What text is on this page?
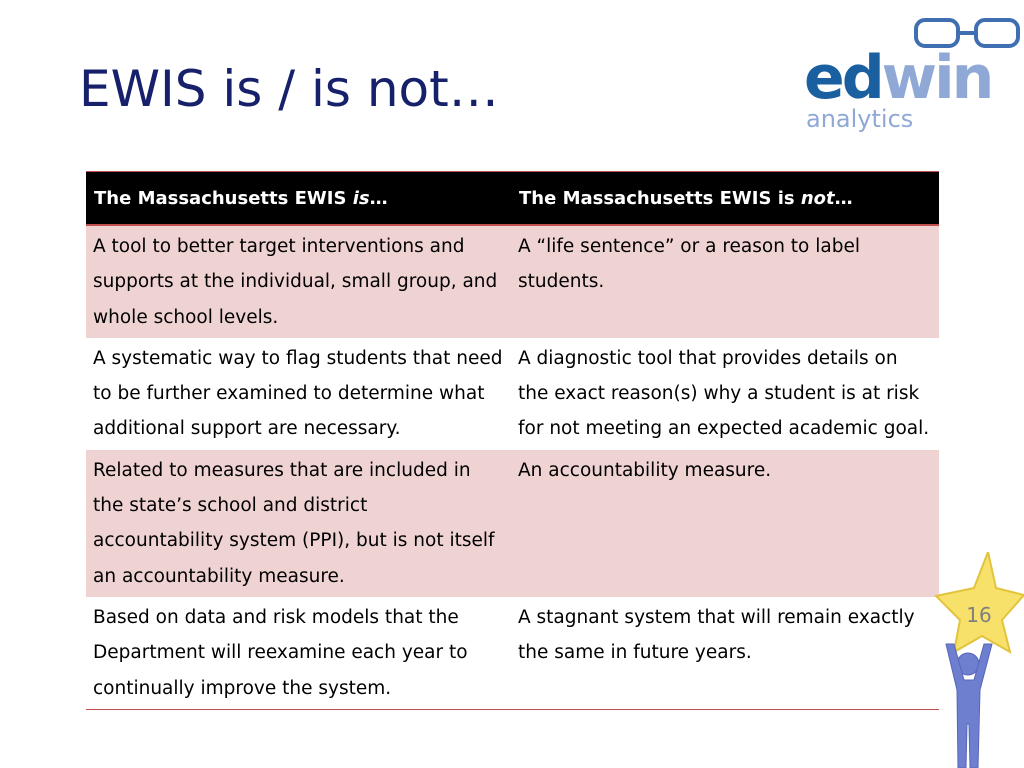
EWIS is / is not…	edwin
analytics
The Massachusetts EWIS is…	The Massachusetts EWIS is not…
A tool to better target interventions and supports at the individual, small group, and whole school levels.	A “life sentence” or a reason to label students.
A systematic way to flag students that need to be further examined to determine what additional support are necessary.	A diagnostic tool that provides details on the exact reason(s) why a student is at risk for not meeting an expected academic goal.
Related to measures that are included in the state’s school and district accountability system (PPI), but is not itself an accountability measure.	An accountability measure.
Based on data and risk models that the Department will reexamine each year to continually improve the system.	A stagnant system that will remain exactly the same in future years.
16
